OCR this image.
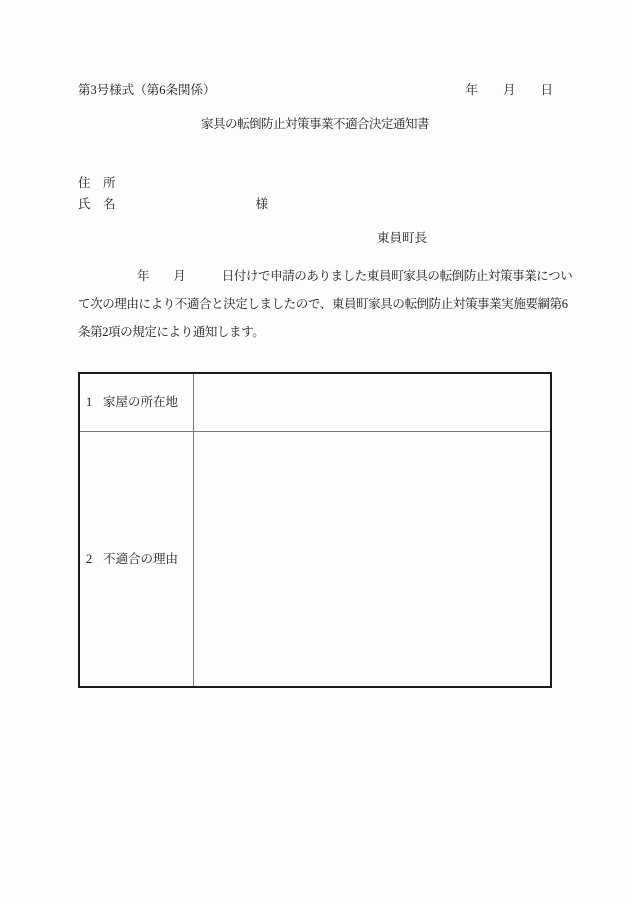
第3号様式（第6条関係）	年　　月　　日
家具の転倒防止対策事業不適合決定通知書
住　所
氏　名	様
東員町長
年　　月　　　日付けで申請のありました東員町家具の転倒防止対策事業につい
て次の理由により不適合と決定しましたので、東員町家具の転倒防止対策事業実施要綱第6
条第2項の規定により通知します。
1 家屋の所在地	
2 不適合の理由	
